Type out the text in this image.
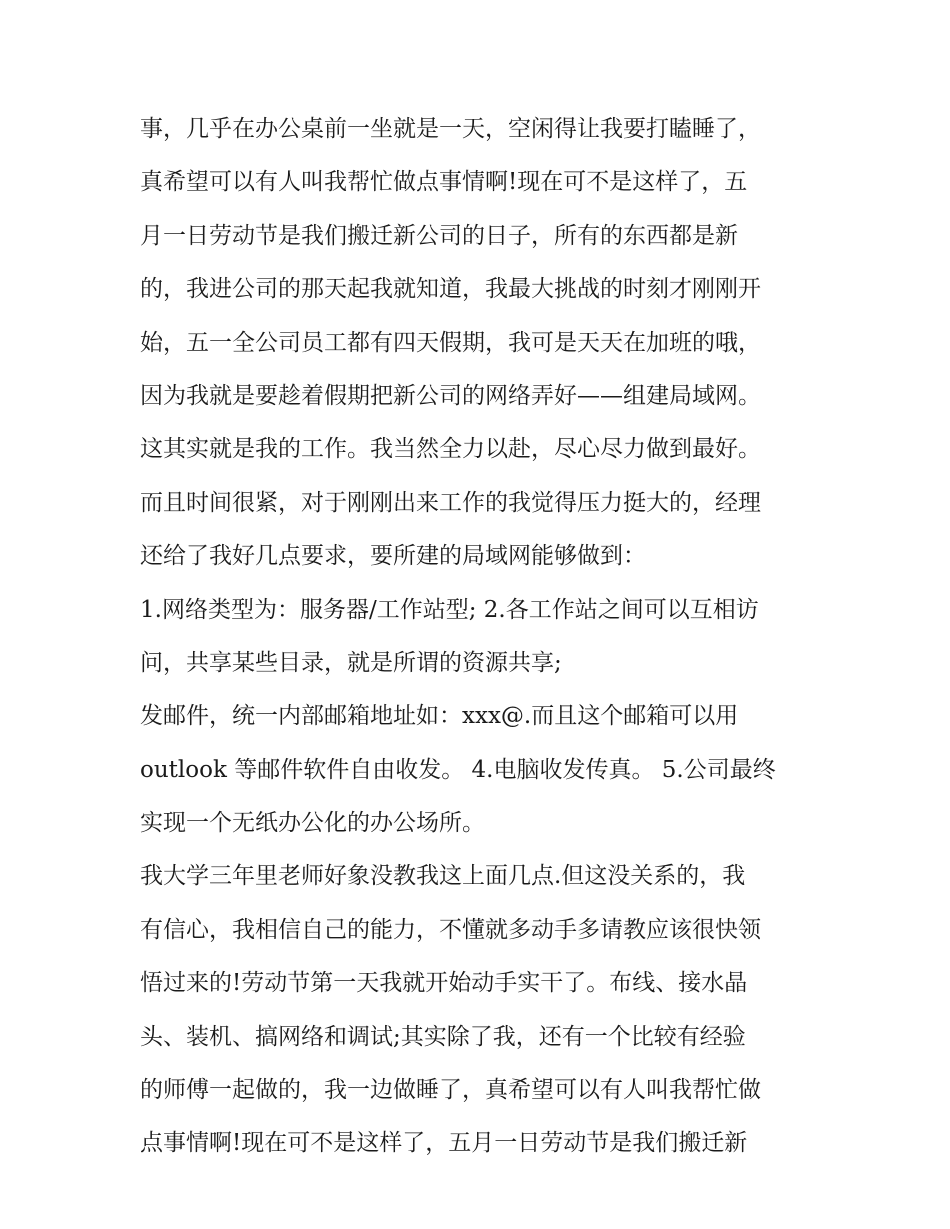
事，几乎在办公桌前一坐就是一天，空闲得让我要打瞌睡了，
真希望可以有人叫我帮忙做点事情啊!现在可不是这样了，五
月一日劳动节是我们搬迁新公司的日子，所有的东西都是新
的，我进公司的那天起我就知道，我最大挑战的时刻才刚刚开
始，五一全公司员工都有四天假期，我可是天天在加班的哦，
因为我就是要趁着假期把新公司的网络弄好——组建局域网。
这其实就是我的工作。我当然全力以赴，尽心尽力做到最好。
而且时间很紧，对于刚刚出来工作的我觉得压力挺大的，经理
还给了我好几点要求，要所建的局域网能够做到：
1.网络类型为：服务器/工作站型; 2.各工作站之间可以互相访
问，共享某些目录，就是所谓的资源共享;
发邮件，统一内部邮箱地址如：xxx@.而且这个邮箱可以用
outlook 等邮件软件自由收发。 4.电脑收发传真。 5.公司最终
实现一个无纸办公化的办公场所。
我大学三年里老师好象没教我这上面几点.但这没关系的，我
有信心，我相信自己的能力，不懂就多动手多请教应该很快领
悟过来的!劳动节第一天我就开始动手实干了。布线、接水晶
头、装机、搞网络和调试;其实除了我，还有一个比较有经验
的师傅一起做的，我一边做睡了，真希望可以有人叫我帮忙做
点事情啊!现在可不是这样了，五月一日劳动节是我们搬迁新
